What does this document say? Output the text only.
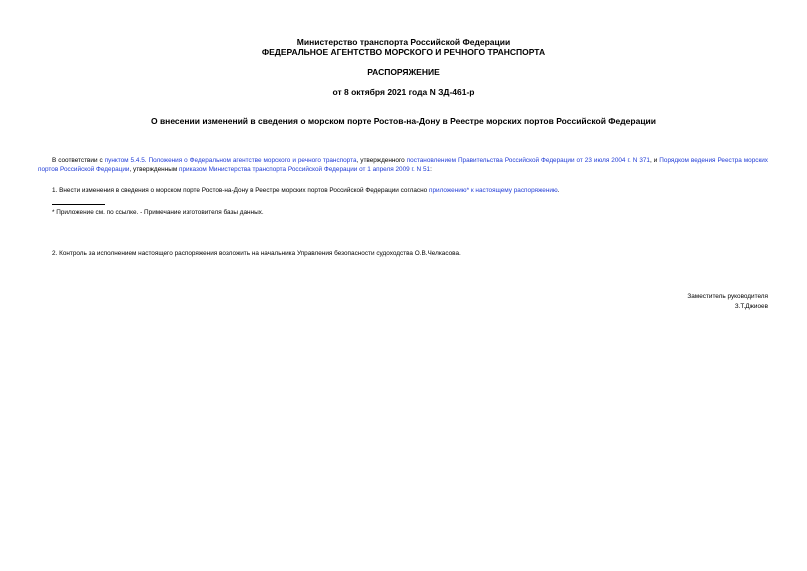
Министерство транспорта Российской Федерации
ФЕДЕРАЛЬНОЕ АГЕНТСТВО МОРСКОГО И РЕЧНОГО ТРАНСПОРТА
РАСПОРЯЖЕНИЕ
от 8 октября 2021 года N ЗД-461-р
О внесении изменений в сведения о морском порте Ростов-на-Дону в Реестре морских портов Российской Федерации
В соответствии с пунктом 5.4.5. Положения о Федеральном агентстве морского и речного транспорта, утвержденного постановлением Правительства Российской Федерации от 23 июля 2004 г. N 371, и Порядком ведения Реестра морских портов Российской Федерации, утвержденным приказом Министерства транспорта Российской Федерации от 1 апреля 2009 г. N 51:
1. Внести изменения в сведения о морском порте Ростов-на-Дону в Реестре морских портов Российской Федерации согласно приложению* к настоящему распоряжению.
* Приложение см. по ссылке. - Примечание изготовителя базы данных.
2. Контроль за исполнением настоящего распоряжения возложить на начальника Управления безопасности судоходства О.В.Челкасова.
Заместитель руководителя
З.Т.Джиоев
